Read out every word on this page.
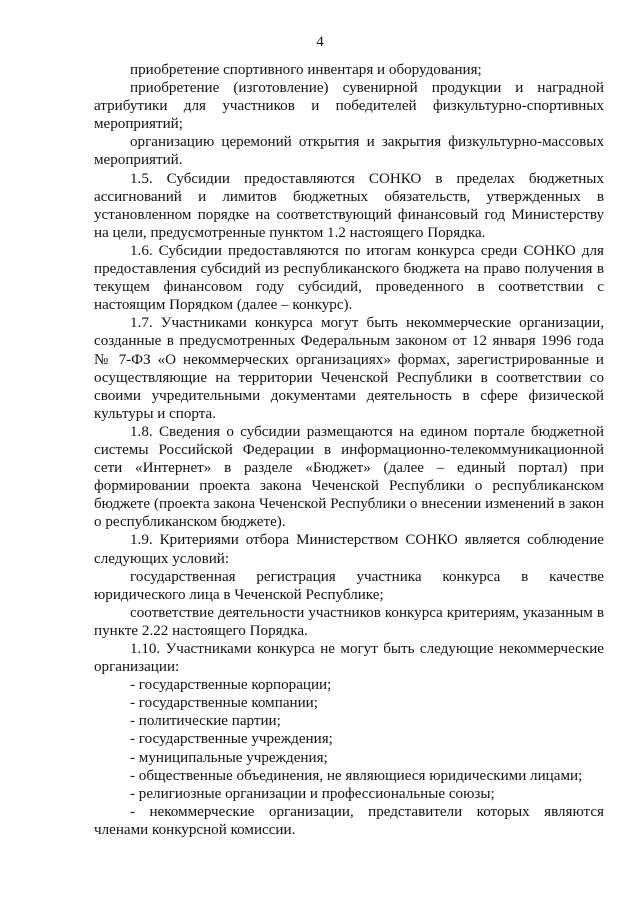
4

приобретение спортивного инвентаря и оборудования;

приобретение (изготовление) сувенирной продукции и наградной атрибутики для участников и победителей физкультурно-спортивных мероприятий;

организацию церемоний открытия и закрытия физкультурно-массовых мероприятий.

1.5. Субсидии предоставляются СОНКО в пределах бюджетных ассигнований и лимитов бюджетных обязательств, утвержденных в установленном порядке на соответствующий финансовый год Министерству на цели, предусмотренные пунктом 1.2 настоящего Порядка.

1.6. Субсидии предоставляются по итогам конкурса среди СОНКО для предоставления субсидий из республиканского бюджета на право получения в текущем финансовом году субсидий, проведенного в соответствии с настоящим Порядком (далее – конкурс).

1.7. Участниками конкурса могут быть некоммерческие организации, созданные в предусмотренных Федеральным законом от 12 января 1996 года № 7-ФЗ «О некоммерческих организациях» формах, зарегистрированные и осуществляющие на территории Чеченской Республики в соответствии со своими учредительными документами деятельность в сфере физической культуры и спорта.

1.8. Сведения о субсидии размещаются на едином портале бюджетной системы Российской Федерации в информационно-телекоммуникационной сети «Интернет» в разделе «Бюджет» (далее – единый портал) при формировании проекта закона Чеченской Республики о республиканском бюджете (проекта закона Чеченской Республики о внесении изменений в закон о республиканском бюджете).

1.9. Критериями отбора Министерством СОНКО является соблюдение следующих условий:

государственная регистрация участника конкурса в качестве юридического лица в Чеченской Республике;

соответствие деятельности участников конкурса критериям, указанным в пункте 2.22 настоящего Порядка.

1.10. Участниками конкурса не могут быть следующие некоммерческие организации:

- государственные корпорации;

- государственные компании;

- политические партии;

- государственные учреждения;

- муниципальные учреждения;

- общественные объединения, не являющиеся юридическими лицами;

- религиозные организации и профессиональные союзы;

- некоммерческие организации, представители которых являются членами конкурсной комиссии.
